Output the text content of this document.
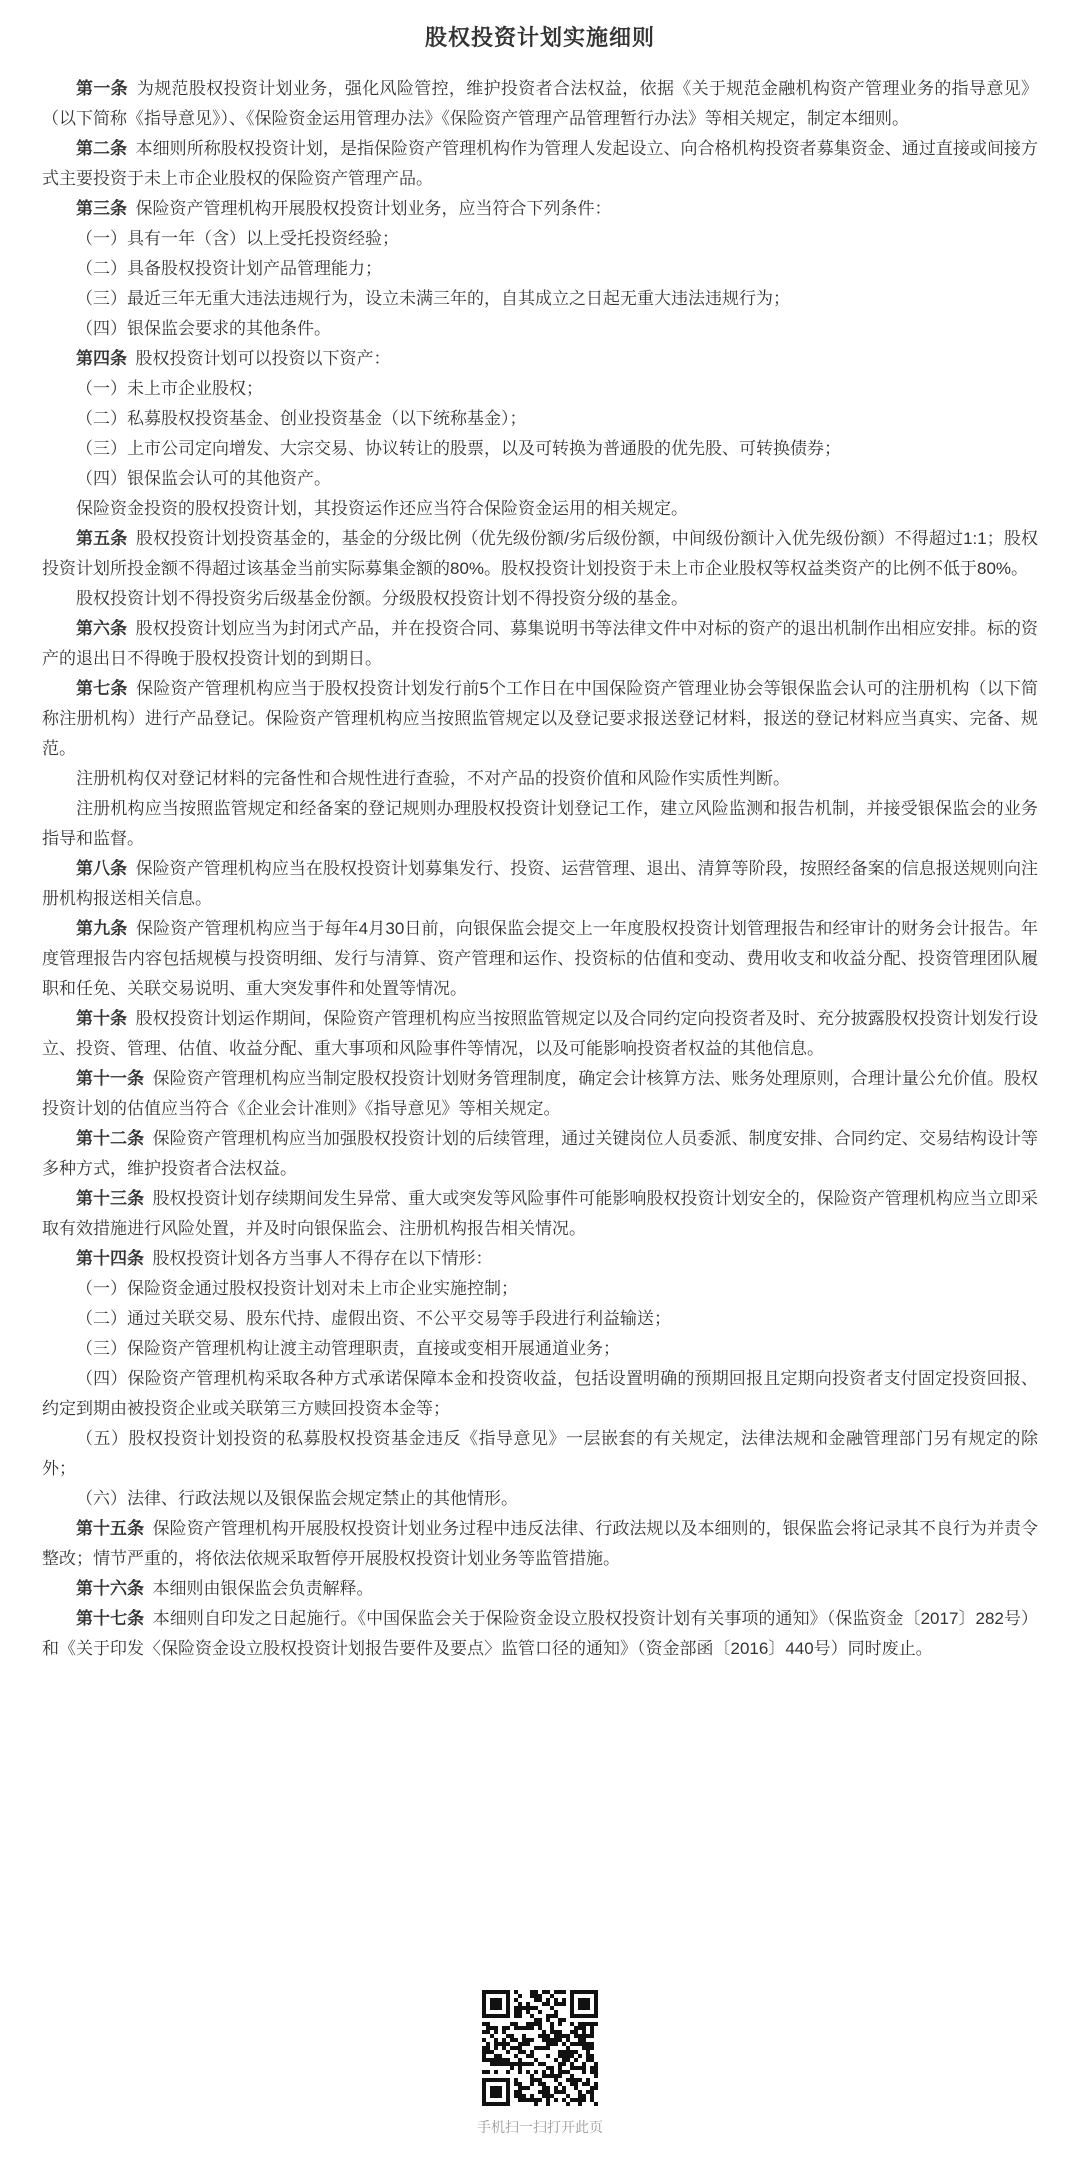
股权投资计划实施细则

第一条 为规范股权投资计划业务，强化风险管控，维护投资者合法权益，依据《关于规范金融机构资产管理业务的指导意见》（以下简称《指导意见》）、《保险资金运用管理办法》《保险资产管理产品管理暂行办法》等相关规定，制定本细则。

第二条 本细则所称股权投资计划，是指保险资产管理机构作为管理人发起设立、向合格机构投资者募集资金、通过直接或间接方式主要投资于未上市企业股权的保险资产管理产品。

第三条 保险资产管理机构开展股权投资计划业务，应当符合下列条件：

（一）具有一年（含）以上受托投资经验；

（二）具备股权投资计划产品管理能力；

（三）最近三年无重大违法违规行为，设立未满三年的，自其成立之日起无重大违法违规行为；

（四）银保监会要求的其他条件。

第四条 股权投资计划可以投资以下资产：

（一）未上市企业股权；

（二）私募股权投资基金、创业投资基金（以下统称基金）；

（三）上市公司定向增发、大宗交易、协议转让的股票，以及可转换为普通股的优先股、可转换债券；

（四）银保监会认可的其他资产。

保险资金投资的股权投资计划，其投资运作还应当符合保险资金运用的相关规定。

第五条 股权投资计划投资基金的，基金的分级比例（优先级份额/劣后级份额，中间级份额计入优先级份额）不得超过1:1；股权投资计划所投金额不得超过该基金当前实际募集金额的80%。股权投资计划投资于未上市企业股权等权益类资产的比例不低于80%。

股权投资计划不得投资劣后级基金份额。分级股权投资计划不得投资分级的基金。

第六条 股权投资计划应当为封闭式产品，并在投资合同、募集说明书等法律文件中对标的资产的退出机制作出相应安排。标的资产的退出日不得晚于股权投资计划的到期日。

第七条 保险资产管理机构应当于股权投资计划发行前5个工作日在中国保险资产管理业协会等银保监会认可的注册机构（以下简称注册机构）进行产品登记。保险资产管理机构应当按照监管规定以及登记要求报送登记材料，报送的登记材料应当真实、完备、规范。

注册机构仅对登记材料的完备性和合规性进行查验，不对产品的投资价值和风险作实质性判断。

注册机构应当按照监管规定和经备案的登记规则办理股权投资计划登记工作，建立风险监测和报告机制，并接受银保监会的业务指导和监督。

第八条 保险资产管理机构应当在股权投资计划募集发行、投资、运营管理、退出、清算等阶段，按照经备案的信息报送规则向注册机构报送相关信息。

第九条 保险资产管理机构应当于每年4月30日前，向银保监会提交上一年度股权投资计划管理报告和经审计的财务会计报告。年度管理报告内容包括规模与投资明细、发行与清算、资产管理和运作、投资标的估值和变动、费用收支和收益分配、投资管理团队履职和任免、关联交易说明、重大突发事件和处置等情况。

第十条 股权投资计划运作期间，保险资产管理机构应当按照监管规定以及合同约定向投资者及时、充分披露股权投资计划发行设立、投资、管理、估值、收益分配、重大事项和风险事件等情况，以及可能影响投资者权益的其他信息。

第十一条 保险资产管理机构应当制定股权投资计划财务管理制度，确定会计核算方法、账务处理原则，合理计量公允价值。股权投资计划的估值应当符合《企业会计准则》《指导意见》等相关规定。

第十二条 保险资产管理机构应当加强股权投资计划的后续管理，通过关键岗位人员委派、制度安排、合同约定、交易结构设计等多种方式，维护投资者合法权益。

第十三条 股权投资计划存续期间发生异常、重大或突发等风险事件可能影响股权投资计划安全的，保险资产管理机构应当立即采取有效措施进行风险处置，并及时向银保监会、注册机构报告相关情况。

第十四条 股权投资计划各方当事人不得存在以下情形：

（一）保险资金通过股权投资计划对未上市企业实施控制；

（二）通过关联交易、股东代持、虚假出资、不公平交易等手段进行利益输送；

（三）保险资产管理机构让渡主动管理职责，直接或变相开展通道业务；

（四）保险资产管理机构采取各种方式承诺保障本金和投资收益，包括设置明确的预期回报且定期向投资者支付固定投资回报、约定到期由被投资企业或关联第三方赎回投资本金等；

（五）股权投资计划投资的私募股权投资基金违反《指导意见》一层嵌套的有关规定，法律法规和金融管理部门另有规定的除外；

（六）法律、行政法规以及银保监会规定禁止的其他情形。

第十五条 保险资产管理机构开展股权投资计划业务过程中违反法律、行政法规以及本细则的，银保监会将记录其不良行为并责令整改；情节严重的，将依法依规采取暂停开展股权投资计划业务等监管措施。

第十六条 本细则由银保监会负责解释。

第十七条 本细则自印发之日起施行。《中国保监会关于保险资金设立股权投资计划有关事项的通知》（保监资金〔2017〕282号）和《关于印发〈保险资金设立股权投资计划报告要件及要点〉监管口径的通知》（资金部函〔2016〕440号）同时废止。

手机扫一扫打开此页
